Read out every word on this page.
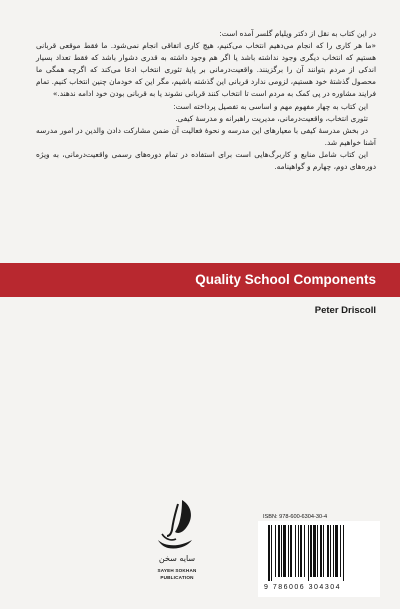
در این کتاب به نقل از دکتر ویلیام گلسر آمده است:

«ما هر کاری را که انجام می‌دهیم انتخاب می‌کنیم، هیچ کاری اتفاقی انجام نمی‌شود. ما فقط موقعی قربانی هستیم که انتخاب دیگری وجود نداشته باشد یا اگر هم وجود داشته به قدری دشوار باشد که فقط تعداد بسیار اندکی از مردم بتوانند آن را برگزینند. واقعیت‌درمانی بر پایهٔ تئوری انتخاب ادعا می‌کند که اگرچه همگی ما محصول گذشتهٔ خود هستیم، لزومی ندارد قربانی این گذشته باشیم، مگر این که خودمان چنین انتخاب کنیم. تمام فرایند مشاوره در پی کمک به مردم است تا انتخاب کنند قربانی نشوند یا به قربانی بودن خود ادامه ندهند.»

این کتاب به چهار مفهوم مهم و اساسی به تفصیل پرداخته است:

تئوری انتخاب، واقعیت‌درمانی، مدیریت راهبرانه و مدرسهٔ کیفی.

در بخش مدرسهٔ کیفی با معیارهای این مدرسه و نحوهٔ فعالیت آن ضمن مشارکت دادن والدین در امور مدرسه آشنا خواهیم شد.

این کتاب شامل منابع و کاربرگ‌هایی است برای استفاده در تمام دوره‌های رسمی واقعیت‌درمانی، به ویژه دوره‌های دوم، چهارم و گواهینامه.

Quality School Components
Peter Driscoll
سایه سخن
SAYEH SOKHAN
PUBLICATION
ISBN: 978-600-6304-30-4
9 786006 304304
